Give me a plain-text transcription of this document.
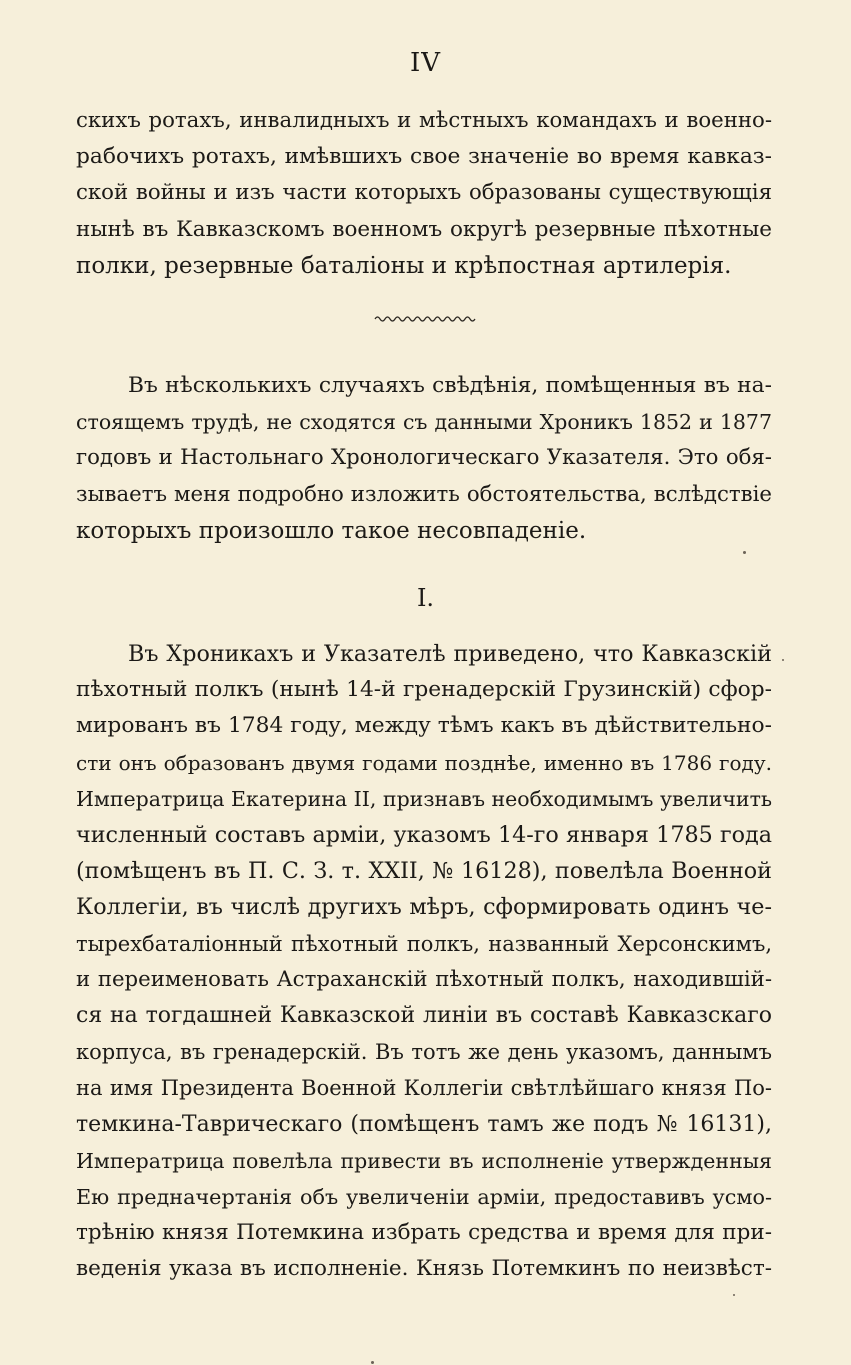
IV
скихъ ротахъ, инвалидныхъ и мѣстныхъ командахъ и военно-
рабочихъ ротахъ, имѣвшихъ свое значеніе во время кавказ-
ской войны и изъ части которыхъ образованы существующія
нынѣ въ Кавказскомъ военномъ округѣ резервные пѣхотные
полки, резервные баталіоны и крѣпостная артилерія.
Въ нѣсколькихъ случаяхъ свѣдѣнія, помѣщенныя въ на-
стоящемъ трудѣ, не сходятся съ данными Хроникъ 1852 и 1877
годовъ и Настольнаго Хронологическаго Указателя. Это обя-
зываетъ меня подробно изложить обстоятельства, вслѣдствіе
которыхъ произошло такое несовпаденіе.
I.
Въ Хроникахъ и Указателѣ приведено, что Кавказскій
пѣхотный полкъ (нынѣ 14-й гренадерскій Грузинскій) сфор-
мированъ въ 1784 году, между тѣмъ какъ въ дѣйствительно-
сти онъ образованъ двумя годами позднѣе, именно въ 1786 году.
Императрица Екатерина II, признавъ необходимымъ увеличить
численный составъ арміи, указомъ 14-го января 1785 года
(помѣщенъ въ П. С. З. т. XXII, № 16128), повелѣла Военной
Коллегіи, въ числѣ другихъ мѣръ, сформировать одинъ че-
тырехбаталіонный пѣхотный полкъ, названный Херсонскимъ,
и переименовать Астраханскій пѣхотный полкъ, находившій-
ся на тогдашней Кавказской линіи въ составѣ Кавказскаго
корпуса, въ гренадерскій. Въ тотъ же день указомъ, даннымъ
на имя Президента Военной Коллегіи свѣтлѣйшаго князя По-
темкина-Таврическаго (помѣщенъ тамъ же подъ № 16131),
Императрица повелѣла привести въ исполненіе утвержденныя
Ею предначертанія объ увеличеніи арміи, предоставивъ усмо-
трѣнію князя Потемкина избрать средства и время для при-
веденія указа въ исполненіе. Князь Потемкинъ по неизвѣст-
